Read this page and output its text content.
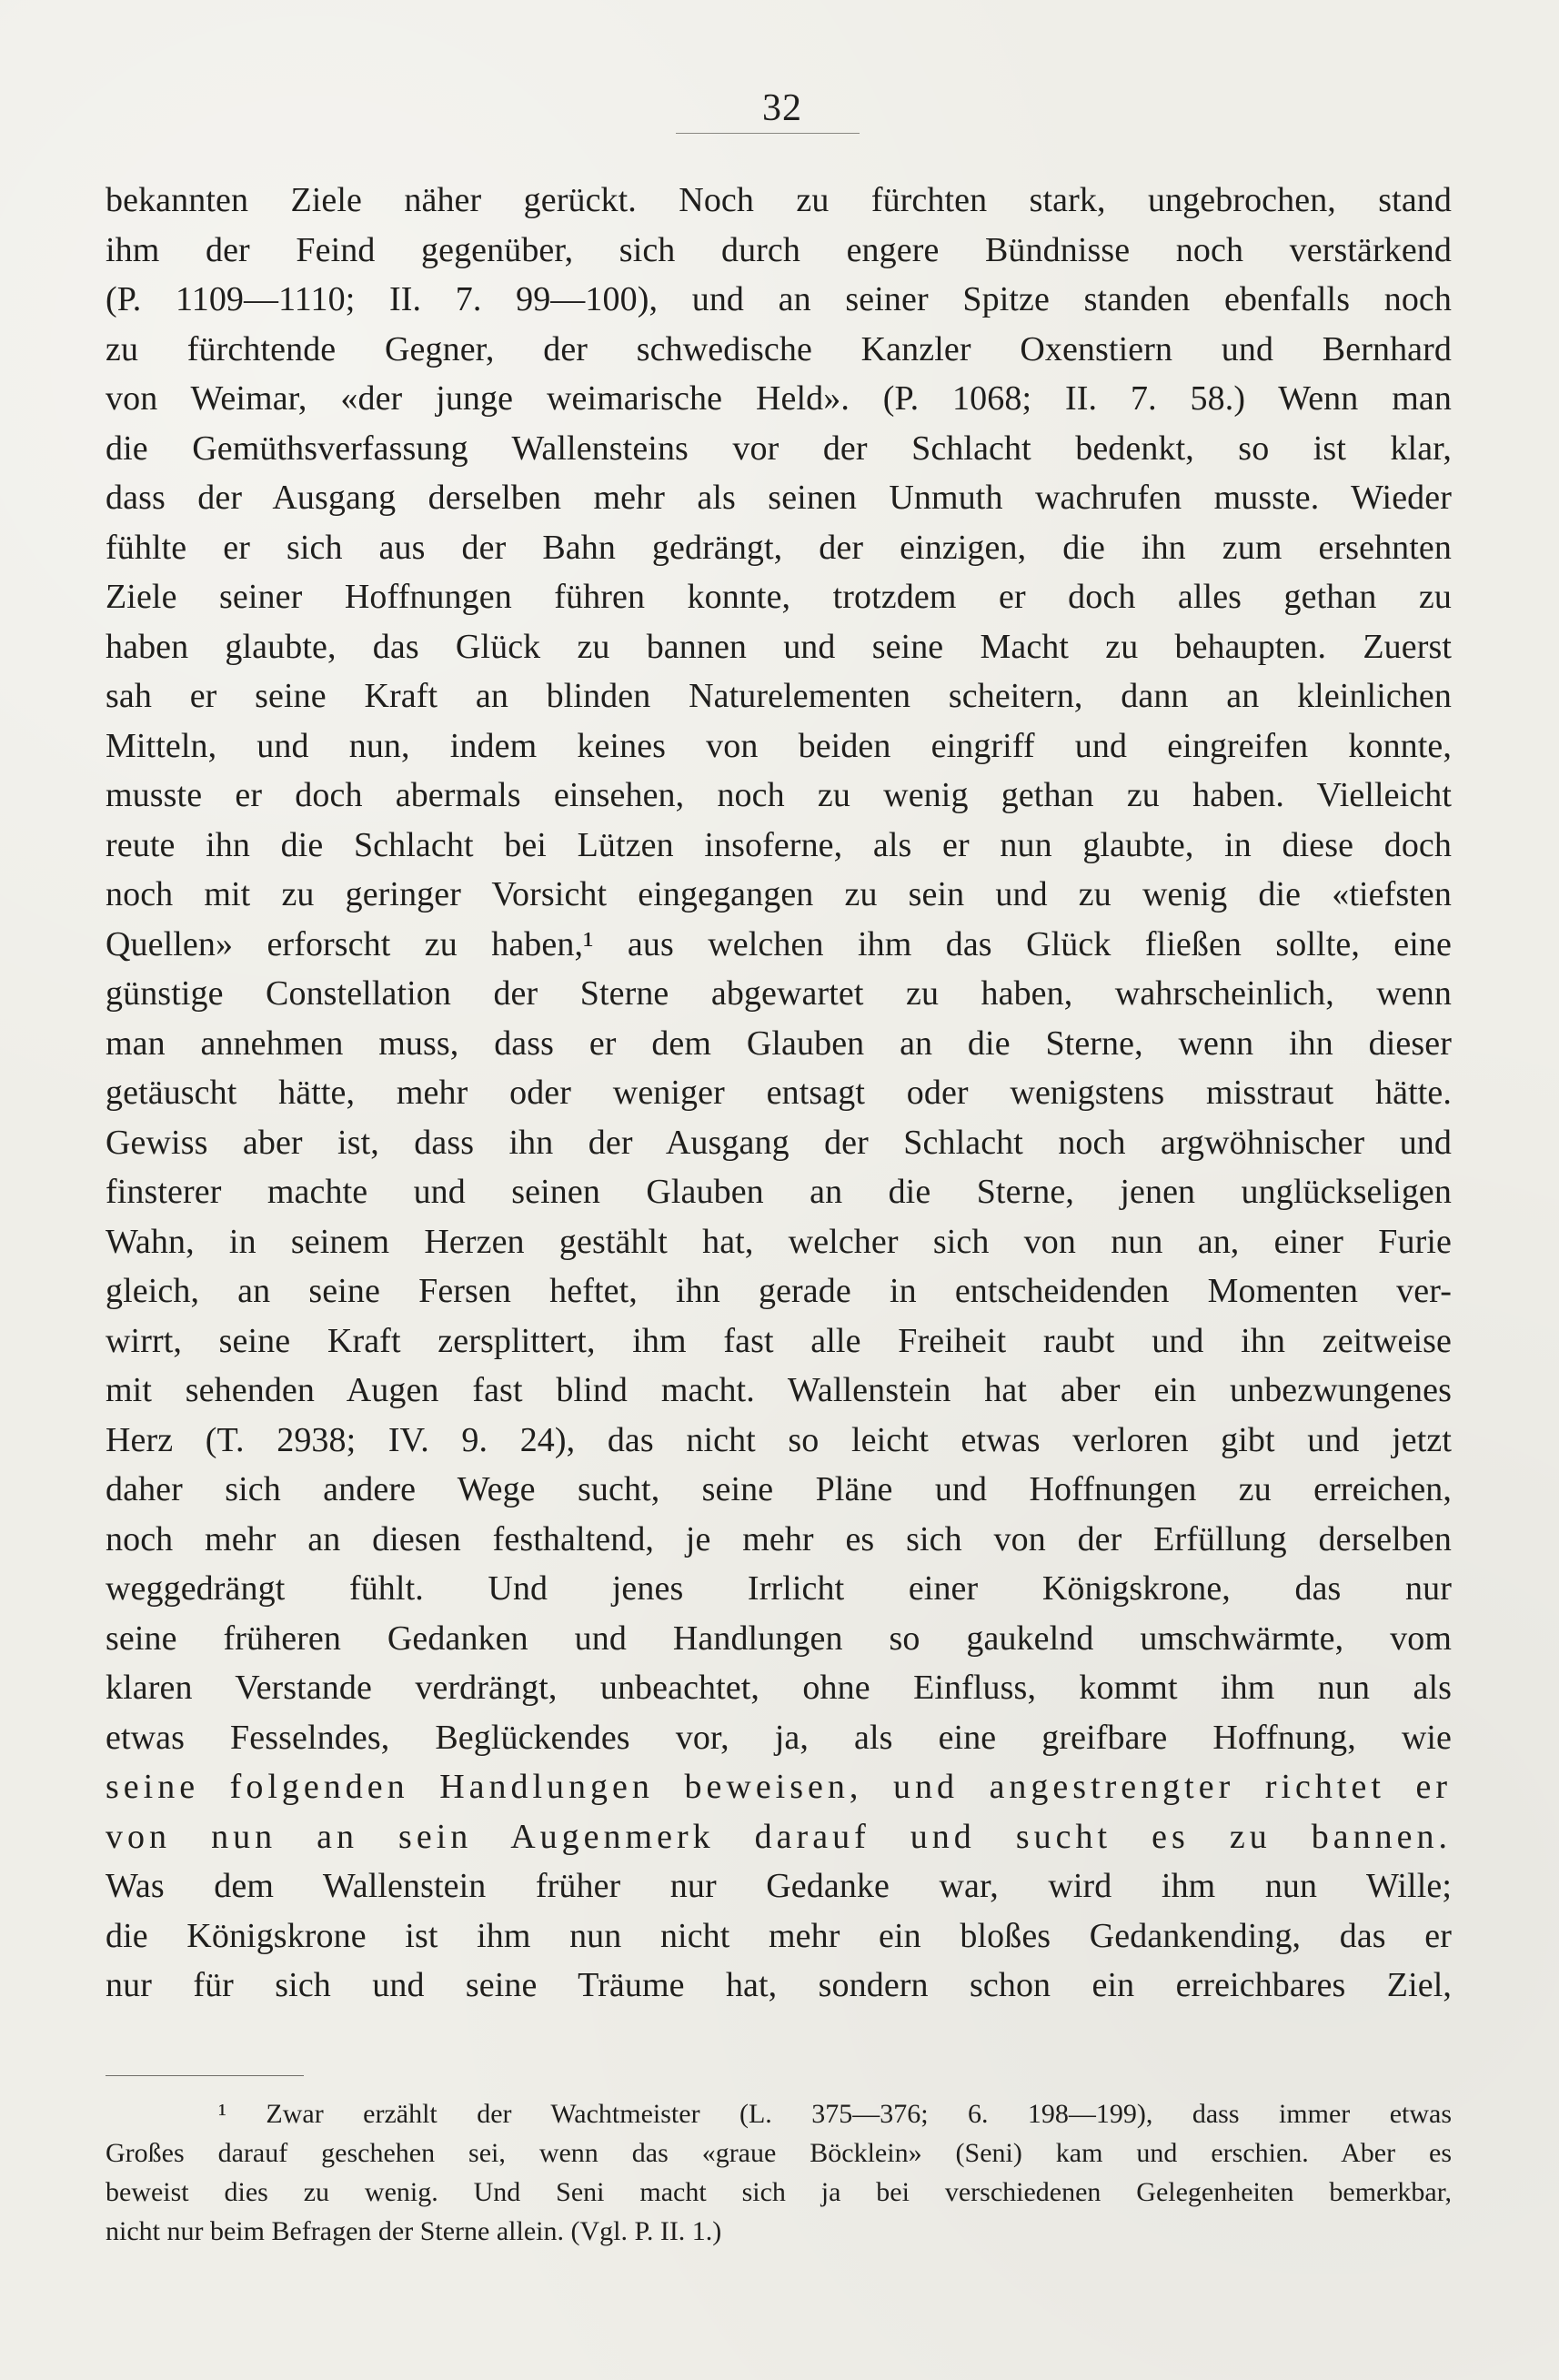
32
bekannten Ziele näher gerückt. Noch zu fürchten stark, ungebrochen, stand
ihm der Feind gegenüber, sich durch engere Bündnisse noch verstärkend
(P. 1109—1110; II. 7. 99—100), und an seiner Spitze standen ebenfalls noch
zu fürchtende Gegner, der schwedische Kanzler Oxenstiern und Bernhard
von Weimar, «der junge weimarische Held». (P. 1068; II. 7. 58.) Wenn man
die Gemüthsverfassung Wallensteins vor der Schlacht bedenkt, so ist klar,
dass der Ausgang derselben mehr als seinen Unmuth wachrufen musste. Wieder
fühlte er sich aus der Bahn gedrängt, der einzigen, die ihn zum ersehnten
Ziele seiner Hoffnungen führen konnte, trotzdem er doch alles gethan zu
haben glaubte, das Glück zu bannen und seine Macht zu behaupten. Zuerst
sah er seine Kraft an blinden Naturelementen scheitern, dann an kleinlichen
Mitteln, und nun, indem keines von beiden eingriff und eingreifen konnte,
musste er doch abermals einsehen, noch zu wenig gethan zu haben. Vielleicht
reute ihn die Schlacht bei Lützen insoferne, als er nun glaubte, in diese doch
noch mit zu geringer Vorsicht eingegangen zu sein und zu wenig die «tiefsten
Quellen» erforscht zu haben,¹ aus welchen ihm das Glück fließen sollte, eine
günstige Constellation der Sterne abgewartet zu haben, wahrscheinlich, wenn
man annehmen muss, dass er dem Glauben an die Sterne, wenn ihn dieser
getäuscht hätte, mehr oder weniger entsagt oder wenigstens misstraut hätte.
Gewiss aber ist, dass ihn der Ausgang der Schlacht noch argwöhnischer und
finsterer machte und seinen Glauben an die Sterne, jenen unglückseligen
Wahn, in seinem Herzen gestählt hat, welcher sich von nun an, einer Furie
gleich, an seine Fersen heftet, ihn gerade in entscheidenden Momenten ver-
wirrt, seine Kraft zersplittert, ihm fast alle Freiheit raubt und ihn zeitweise
mit sehenden Augen fast blind macht. Wallenstein hat aber ein unbezwungenes
Herz (T. 2938; IV. 9. 24), das nicht so leicht etwas verloren gibt und jetzt
daher sich andere Wege sucht, seine Pläne und Hoffnungen zu erreichen,
noch mehr an diesen festhaltend, je mehr es sich von der Erfüllung derselben
weggedrängt fühlt. Und jenes Irrlicht einer Königskrone, das nur
seine früheren Gedanken und Handlungen so gaukelnd umschwärmte, vom
klaren Verstande verdrängt, unbeachtet, ohne Einfluss, kommt ihm nun als
etwas Fesselndes, Beglückendes vor, ja, als eine greifbare Hoffnung, wie
seine folgenden Handlungen beweisen, und angestrengter richtet er
von nun an sein Augenmerk darauf und sucht es zu bannen.
Was dem Wallenstein früher nur Gedanke war, wird ihm nun Wille;
die Königskrone ist ihm nun nicht mehr ein bloßes Gedankending, das er
nur für sich und seine Träume hat, sondern schon ein erreichbares Ziel,
¹ Zwar erzählt der Wachtmeister (L. 375—376; 6. 198—199), dass immer etwas
Großes darauf geschehen sei, wenn das «graue Böcklein» (Seni) kam und erschien. Aber es
beweist dies zu wenig. Und Seni macht sich ja bei verschiedenen Gelegenheiten bemerkbar,
nicht nur beim Befragen der Sterne allein. (Vgl. P. II. 1.)
